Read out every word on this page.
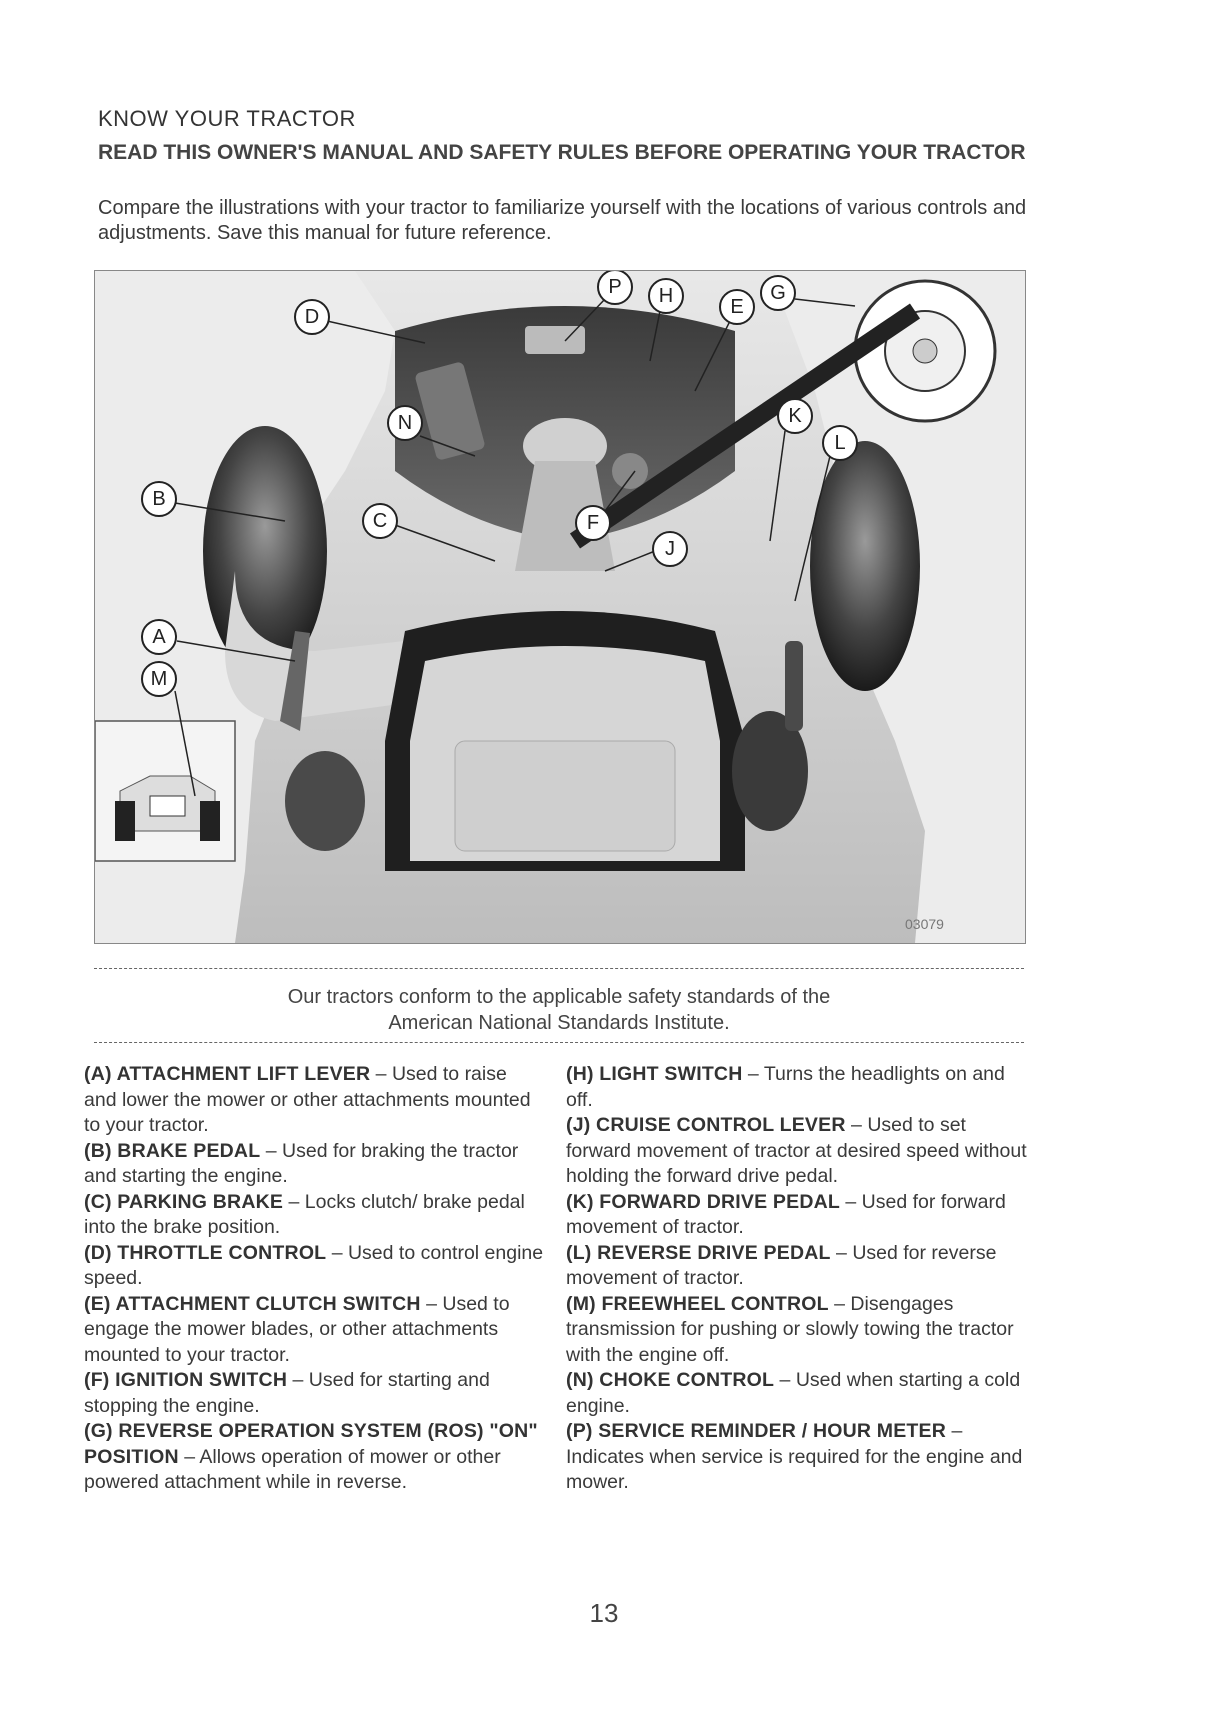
KNOW YOUR TRACTOR
READ THIS OWNER'S MANUAL AND SAFETY RULES BEFORE OPERATING YOUR TRACTOR
Compare the illustrations with your tractor to familiarize yourself with the locations of various controls and adjustments. Save this manual for future reference.
03079
A
B
C
D	E
F
G
H
J
K
L
M
N
P
Our tractors conform to the applicable safety standards of the
American National Standards Institute.

(A) ATTACHMENT LIFT LEVER – Used to raise and lower the mower or other attachments mounted to your tractor.

(B) BRAKE PEDAL – Used for braking the tractor and starting the engine.

(C) PARKING BRAKE – Locks clutch/ brake pedal into the brake position.

(D) THROTTLE CONTROL – Used to control engine speed.

(E) ATTACHMENT CLUTCH SWITCH – Used to engage the mower blades, or other attachments mounted to your tractor.

(F) IGNITION SWITCH – Used for starting and stopping the engine.

(G) REVERSE OPERATION SYSTEM (ROS) "ON" POSITION – Allows operation of mower or other powered attachment while in reverse.

(H) LIGHT SWITCH – Turns the headlights on and off.

(J) CRUISE CONTROL LEVER – Used to set forward movement of tractor at desired speed without holding the forward drive pedal.

(K) FORWARD DRIVE PEDAL – Used for forward movement of tractor.

(L) REVERSE DRIVE PEDAL – Used for reverse movement of tractor.

(M) FREEWHEEL CONTROL – Disengages transmission for pushing or slowly towing the tractor with the engine off.

(N) CHOKE CONTROL – Used when starting a cold engine.

(P) SERVICE REMINDER / HOUR METER – Indicates when service is required for the engine and mower.

13
